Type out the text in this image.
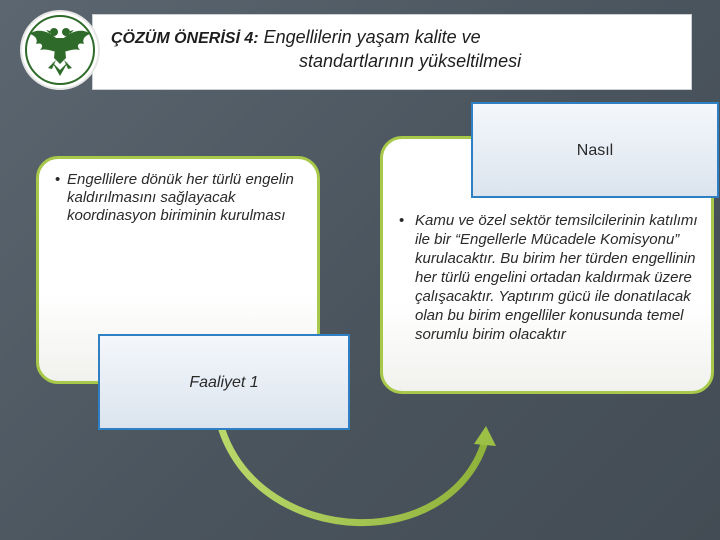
ÇÖZÜM ÖNERİSİ 4: Engellilerin yaşam kalite ve
standartlarının yükseltilmesi
• Engellilere dönük her türlü engelin kaldırılmasını sağlayacak koordinasyon biriminin kurulması	• Kamu ve özel sektör temsilcilerinin katılımı ile bir “Engellerle Mücadele Komisyonu” kurulacaktır. Bu birim her türden engellinin her türlü engelini ortadan kaldırmak üzere çalışacaktır. Yaptırım gücü ile donatılacak olan bu birim engelliler konusunda temel sorumlu birim olacaktır
Faaliyet 1
Nasıl
